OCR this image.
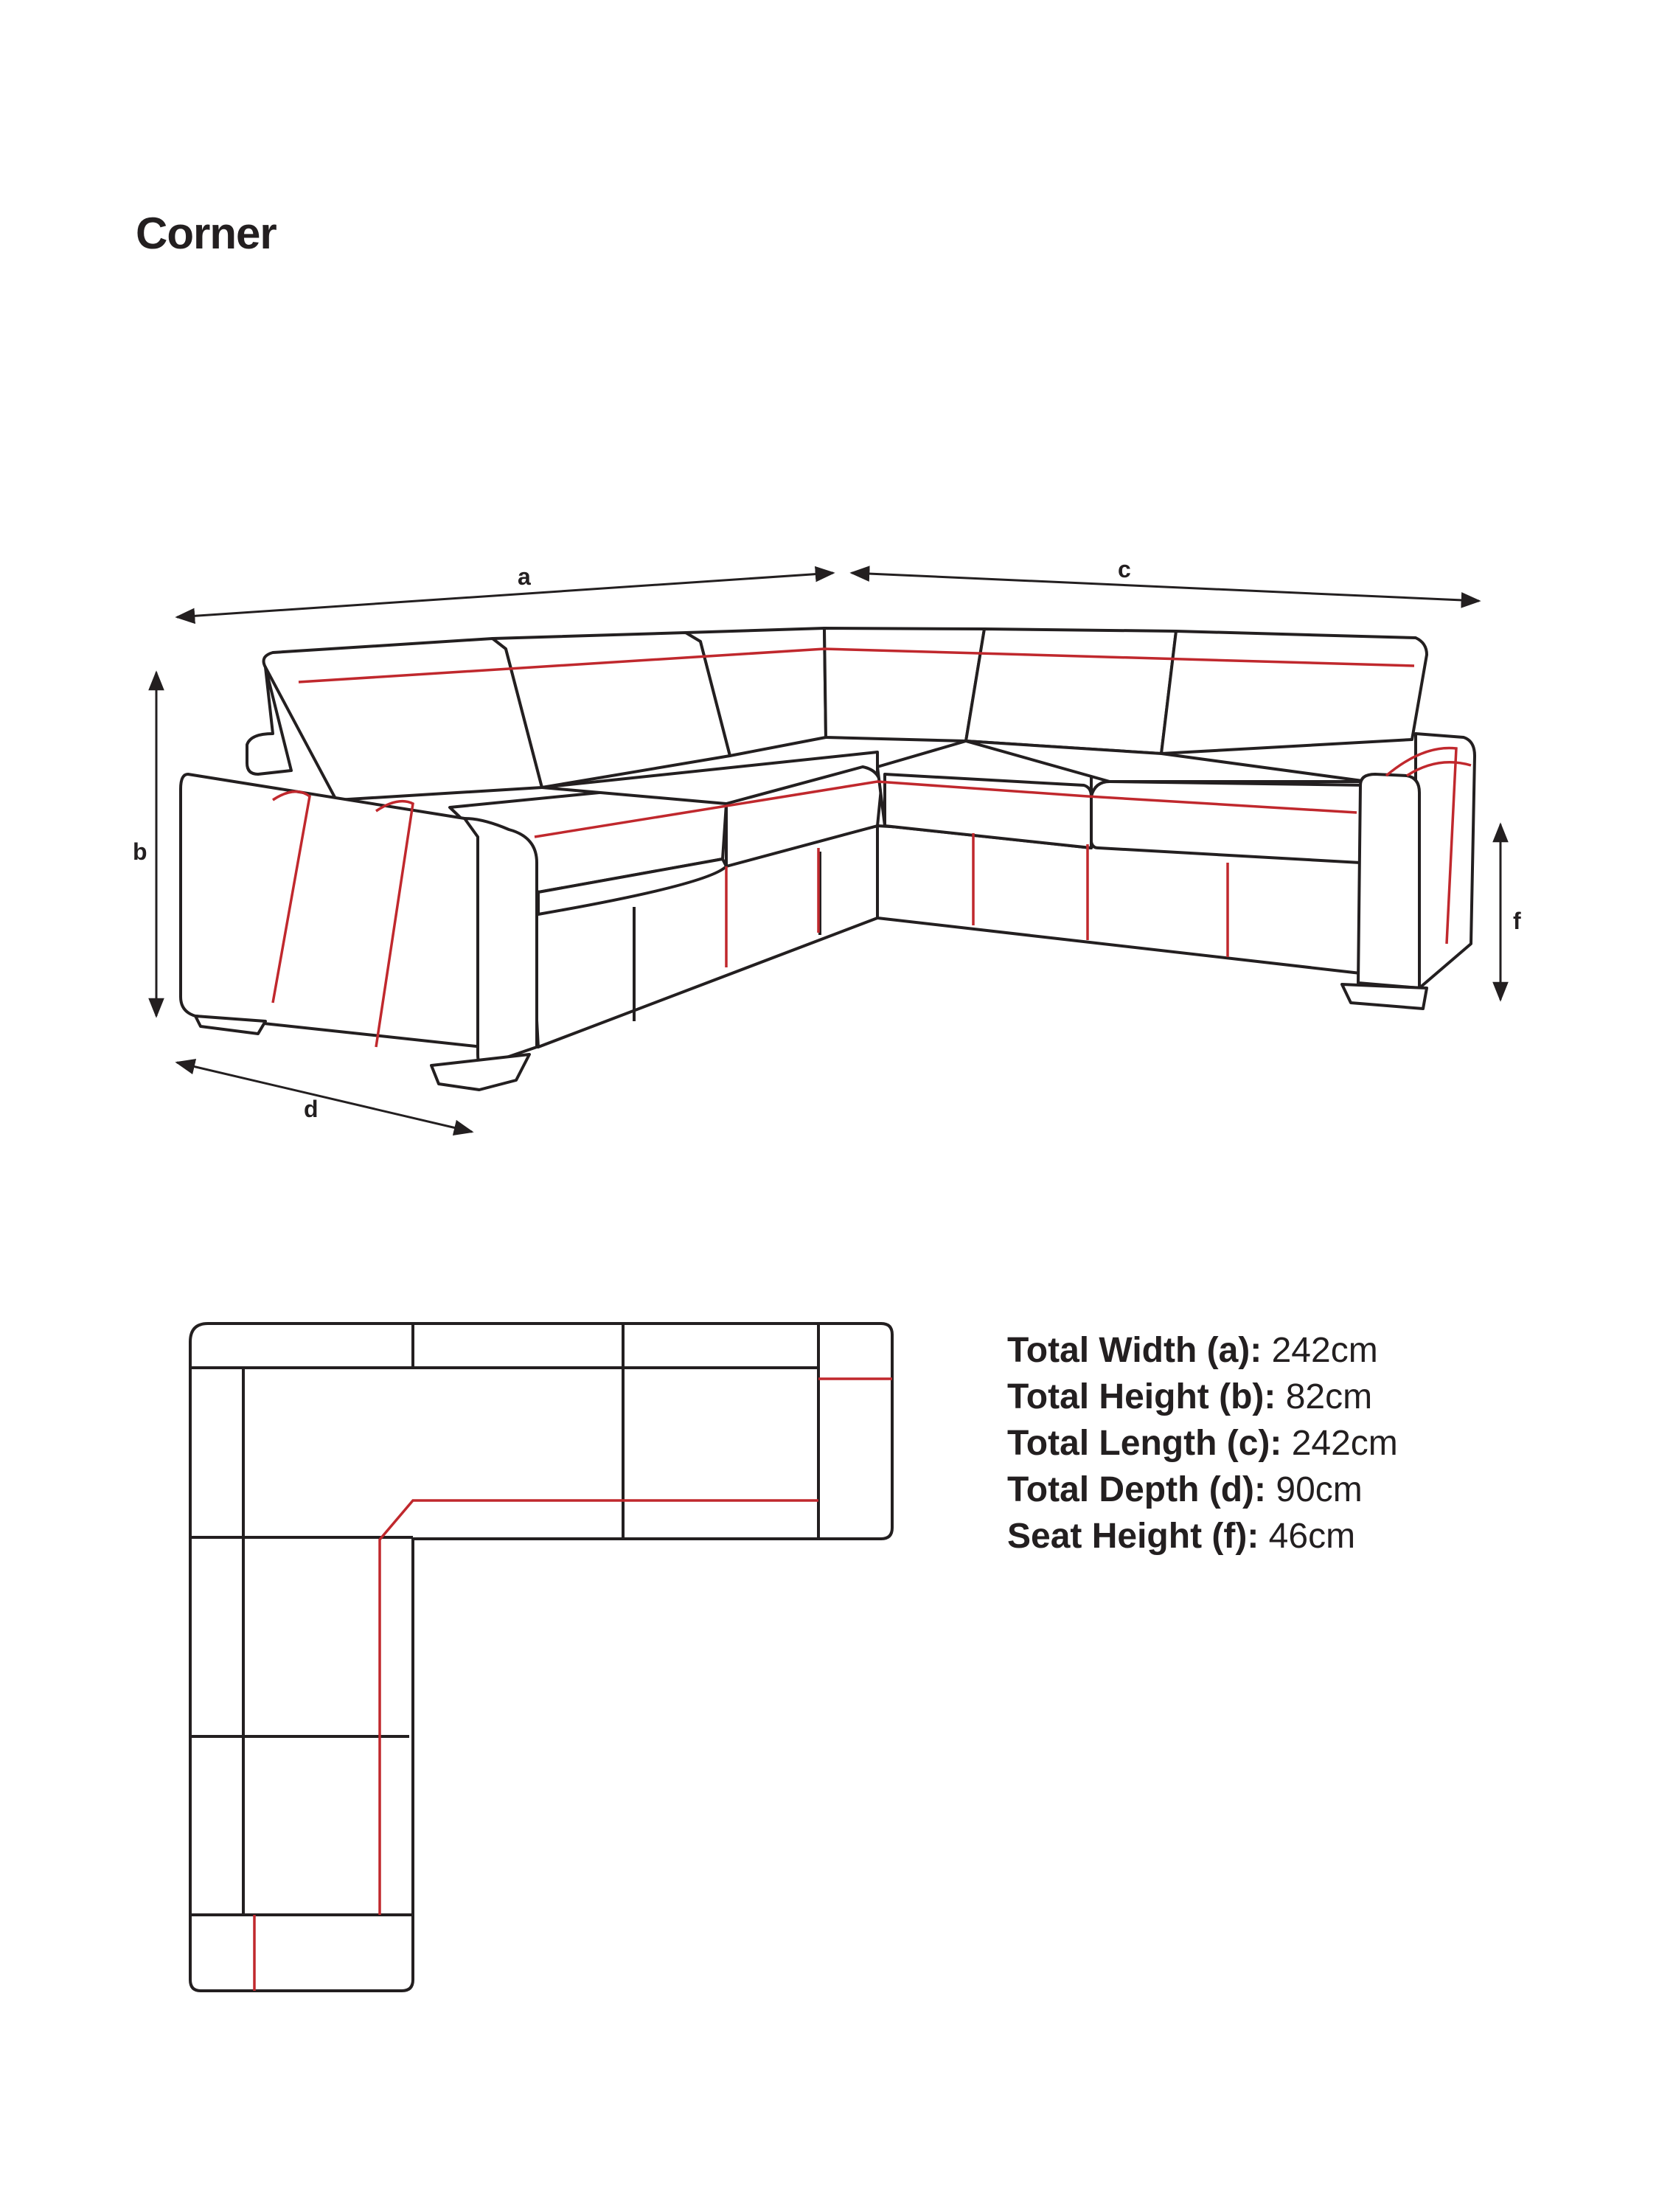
Corner
a	c
b
d
f
Total Width (a): 242cm
Total Height (b): 82cm
Total Length (c): 242cm
Total Depth (d): 90cm
Seat Height (f): 46cm
